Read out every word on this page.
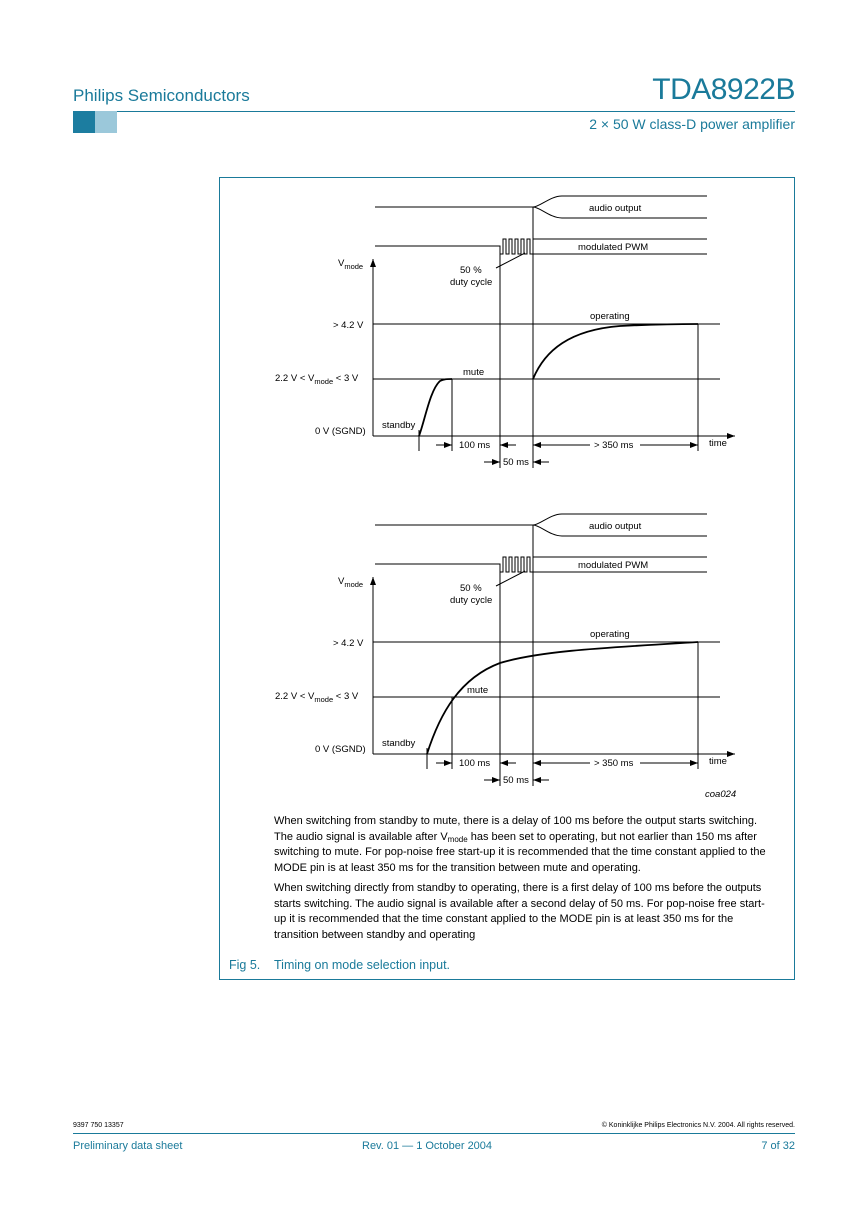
Philips Semiconductors	TDA8922B
2 × 50 W class-D power amplifier
audio output
modulated PWM
$V_{mode}$	50 %
duty cycle
operating
> 4.2 V
2.2 $V < V_{mode} < 3$ V
mute
standby
0 V (SGND)
100 ms	> 350 ms	time
50 ms
audio output
modulated PWM
$V_{mode}$	50 %
duty cycle
operating
> 4.2 V
2.2 $V < V_{mode} < 3$ V
mute
standby
0 V (SGND)
100 ms	> 350 ms	time
50 ms
coa024

When switching from standby to mute, there is a delay of 100 ms before the output starts switching. The audio signal is available after $V_{mode}$ has been set to operating, but not earlier than 150 ms after switching to mute. For pop-noise free start-up it is recommended that the time constant applied to the MODE pin is at least 350 ms for the transition between mute and operating.

When switching directly from standby to operating, there is a first delay of 100 ms before the outputs starts switching. The audio signal is available after a second delay of 50 ms. For pop-noise free start-up it is recommended that the time constant applied to the MODE pin is at least 350 ms for the transition between standby and operating

Fig 5. Timing on mode selection input.
9397 750 13357	© Koninklijke Philips Electronics N.V. 2004. All rights reserved.
Preliminary data sheet	Rev. 01 — 1 October 2004	7 of 32
